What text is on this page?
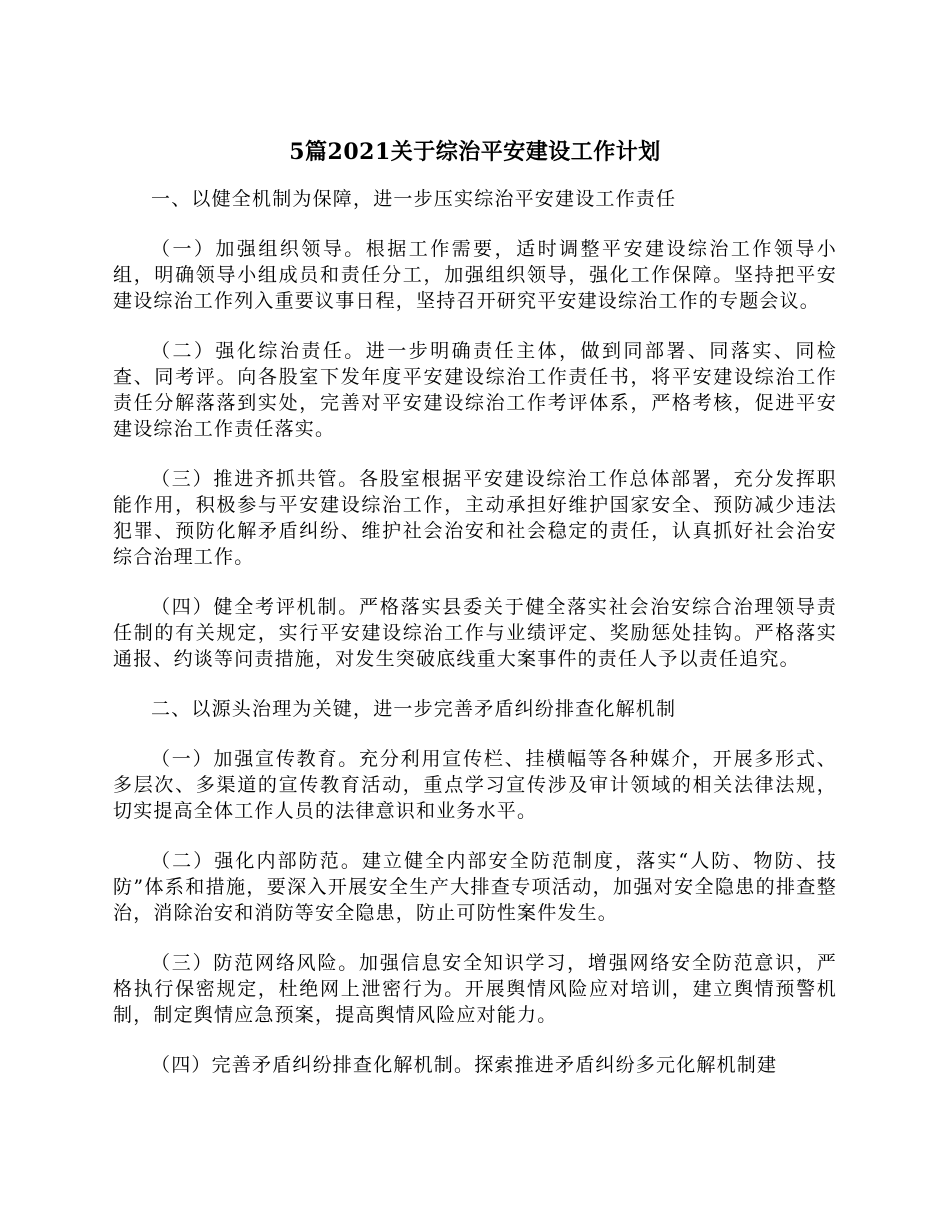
5篇2021关于综治平安建设工作计划

一、以健全机制为保障，进一步压实综治平安建设工作责任

（一）加强组织领导。根据工作需要，适时调整平安建设综治工作领导小组，明确领导小组成员和责任分工，加强组织领导，强化工作保障。坚持把平安建设综治工作列入重要议事日程，坚持召开研究平安建设综治工作的专题会议。

（二）强化综治责任。进一步明确责任主体，做到同部署、同落实、同检查、同考评。向各股室下发年度平安建设综治工作责任书，将平安建设综治工作责任分解落落到实处，完善对平安建设综治工作考评体系，严格考核，促进平安建设综治工作责任落实。

（三）推进齐抓共管。各股室根据平安建设综治工作总体部署，充分发挥职能作用，积极参与平安建设综治工作，主动承担好维护国家安全、预防减少违法犯罪、预防化解矛盾纠纷、维护社会治安和社会稳定的责任，认真抓好社会治安综合治理工作。

（四）健全考评机制。严格落实县委关于健全落实社会治安综合治理领导责任制的有关规定，实行平安建设综治工作与业绩评定、奖励惩处挂钩。严格落实通报、约谈等问责措施，对发生突破底线重大案事件的责任人予以责任追究。

二、以源头治理为关键，进一步完善矛盾纠纷排查化解机制

（一）加强宣传教育。充分利用宣传栏、挂横幅等各种媒介，开展多形式、多层次、多渠道的宣传教育活动，重点学习宣传涉及审计领域的相关法律法规，切实提高全体工作人员的法律意识和业务水平。

（二）强化内部防范。建立健全内部安全防范制度，落实“人防、物防、技防”体系和措施，要深入开展安全生产大排查专项活动，加强对安全隐患的排查整治，消除治安和消防等安全隐患，防止可防性案件发生。

（三）防范网络风险。加强信息安全知识学习，增强网络安全防范意识，严格执行保密规定，杜绝网上泄密行为。开展舆情风险应对培训，建立舆情预警机制，制定舆情应急预案，提高舆情风险应对能力。

（四）完善矛盾纠纷排查化解机制。探索推进矛盾纠纷多元化解机制建
